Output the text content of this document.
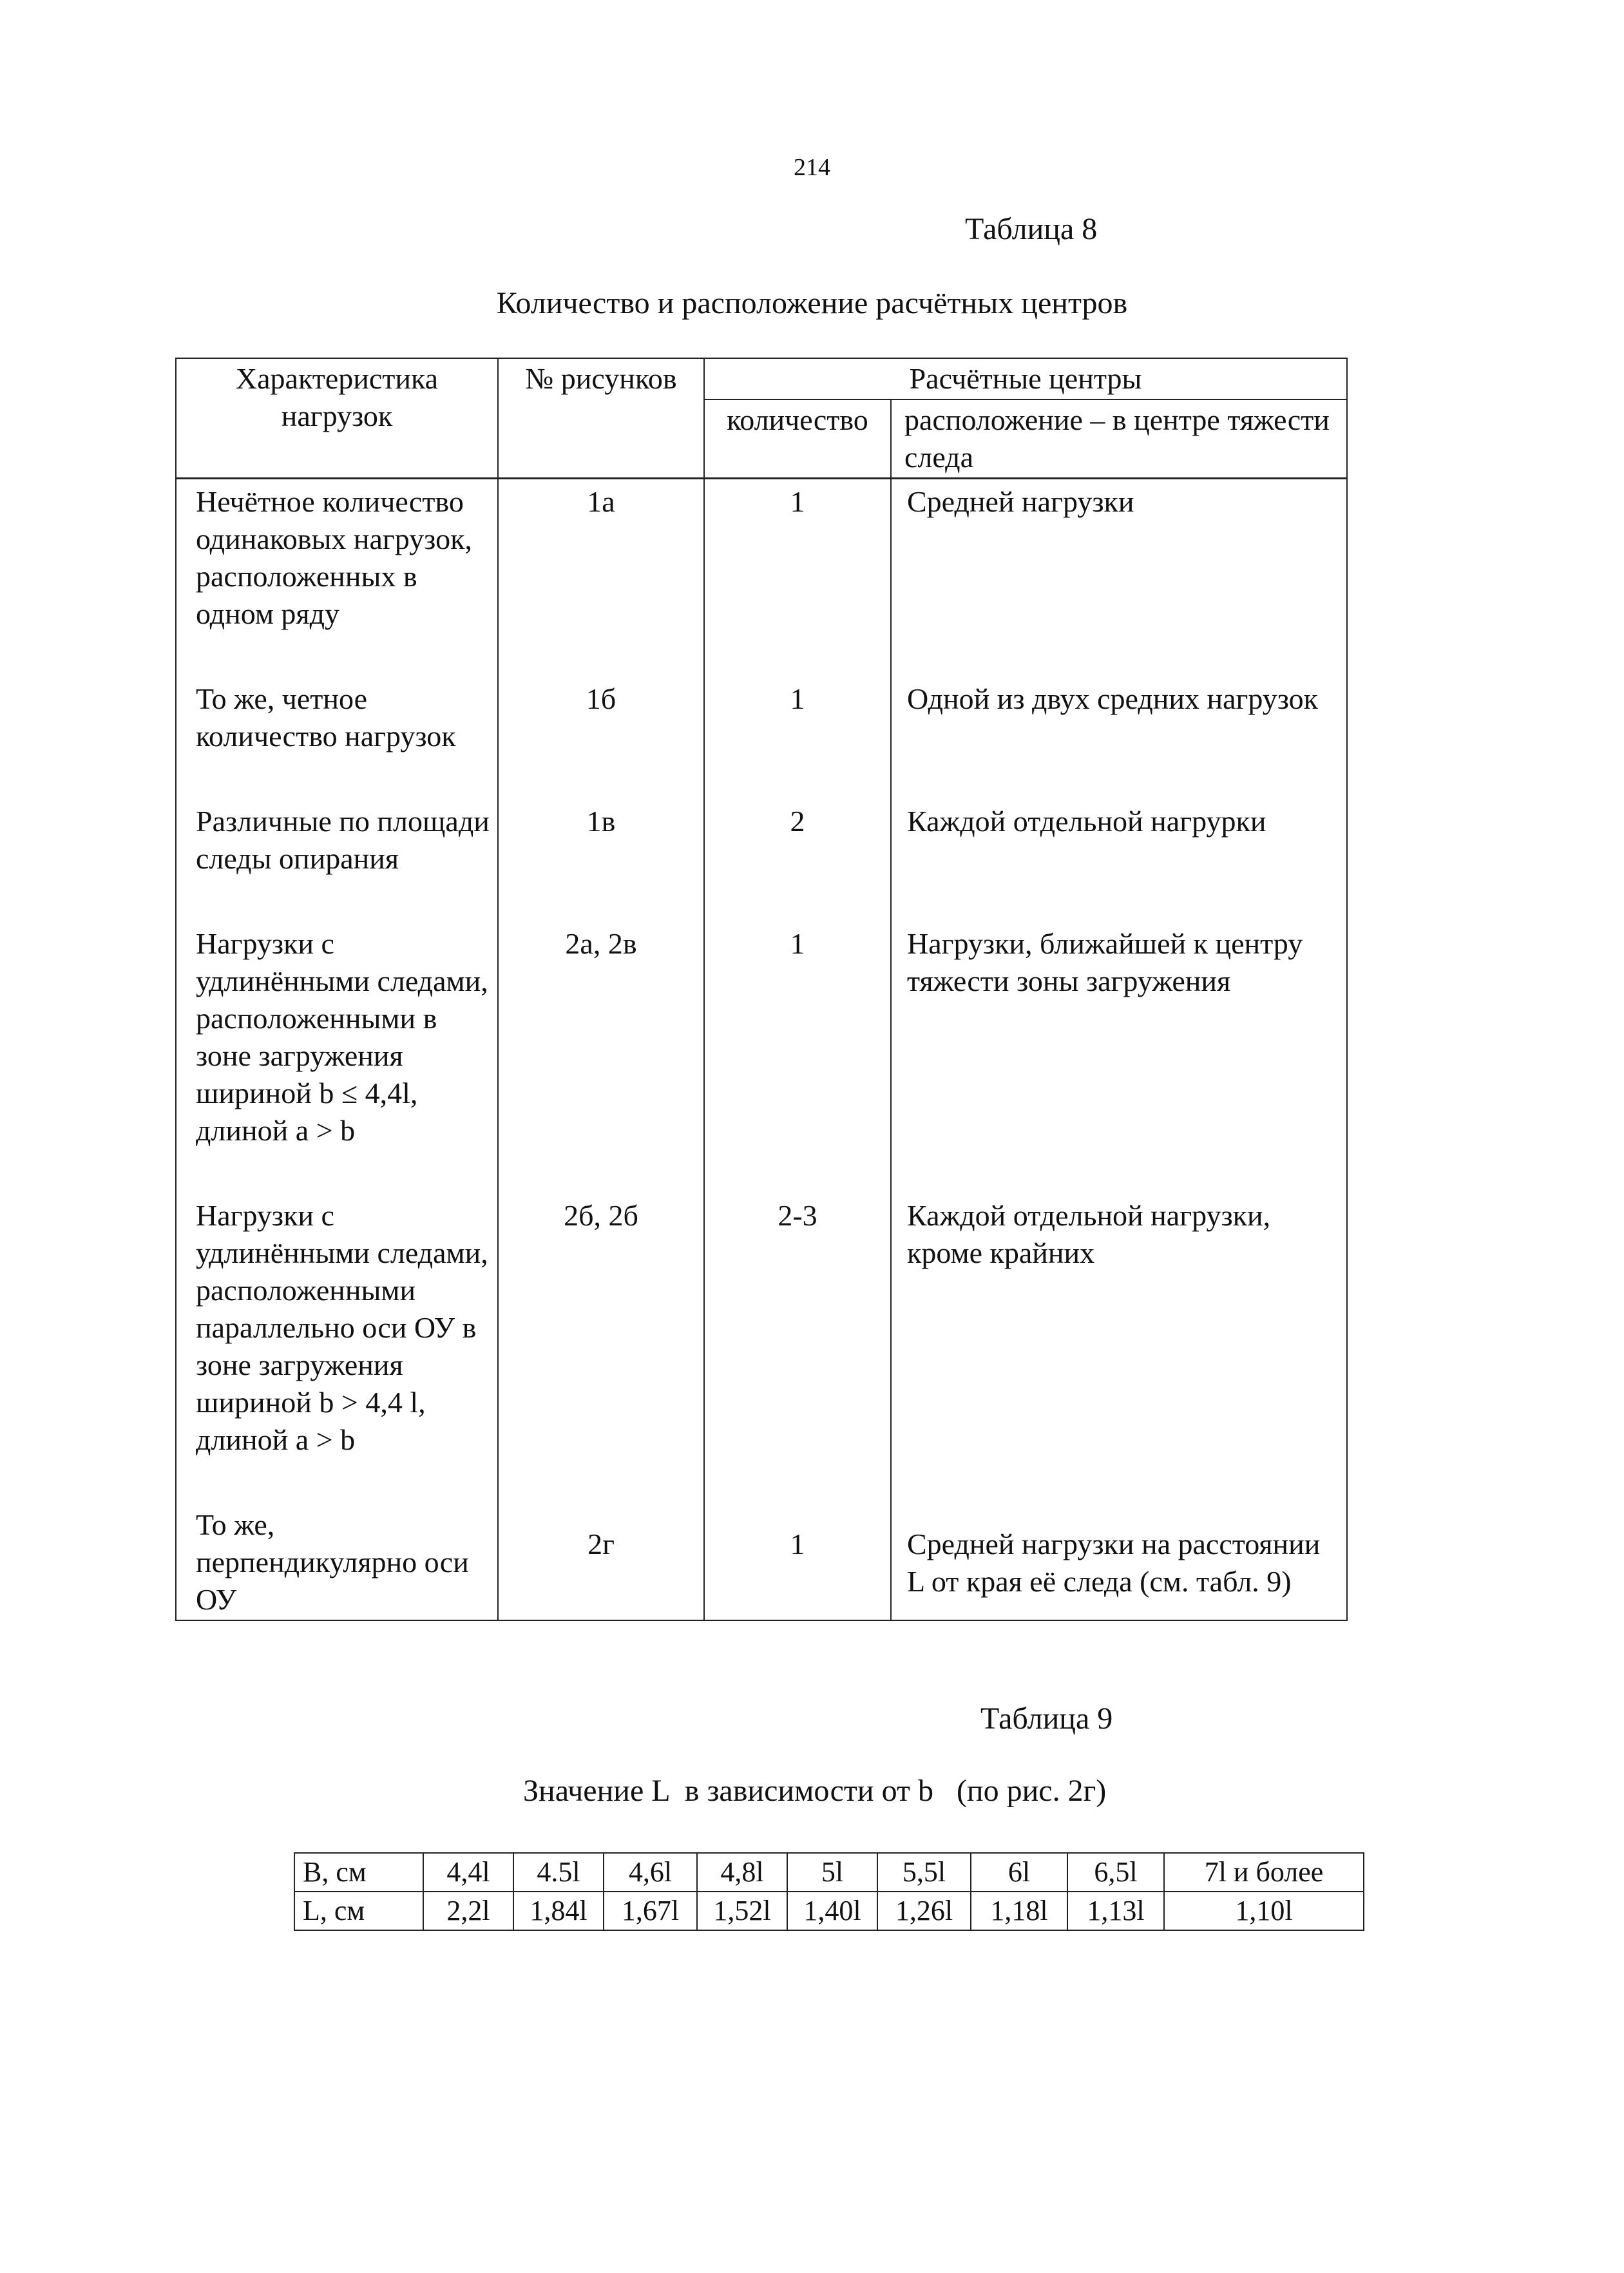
214
Таблица 8
Количество и расположение расчётных центров
Характеристика нагрузок	№ рисунков	Расчётные центры	
		количество	расположение – в центре тяжести следа
Нечётное количество одинаковых нагрузок, расположенных в одном ряду	1а	1	Средней нагрузки
То же, четное количество нагрузок	1б	1	Одной из двух средних нагрузок
Различные по площади следы опирания	1в	2	Каждой отдельной нагрурки
Нагрузки с удлинёнными следами, расположенными в зоне загружения шириной b ≤ 4,4l, длиной a > b	2а, 2в	1	Нагрузки, ближайшей к центру тяжести зоны загружения
Нагрузки с удлинёнными следами, расположенными параллельно оси ОУ в зоне загружения шириной b > 4,4 l, длиной a > b	2б, 2б	2-3	Каждой отдельной нагрузки, кроме крайних
То же, перпендикулярно оси ОУ	2г	1	Средней нагрузки на расстоянии L от края её следа (см. табл. 9)
Таблица 9
Значение L  в зависимости от b   (по рис. 2г)
В, см	4,4l	4.5l	4,6l	4,8l	5l	5,5l	6l	6,5l	7l и более
L, см	2,2l	1,84l	1,67l	1,52l	1,40l	1,26l	1,18l	1,13l	1,10l
